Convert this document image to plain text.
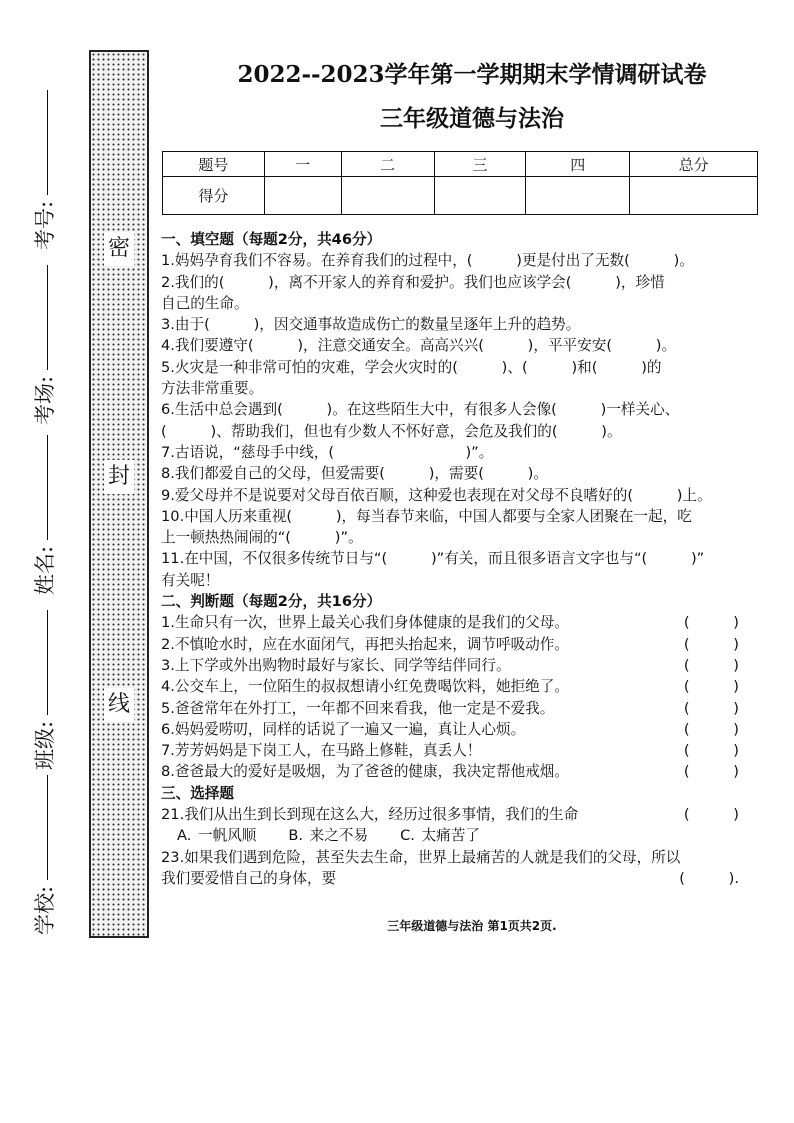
考号:
考场:
姓名:
班级:
学校:
密
封
线
2022--2023学年第一学期期末学情调研试卷
三年级道德与法治
题号	一	二	三	四	总分
得分					

一、填空题（每题2分，共46分）

1.妈妈孕育我们不容易。在养育我们的过程中，(　　　)更是付出了无数(　　　)。

2.我们的(　　　)，离不开家人的养育和爱护。我们也应该学会(　　　)，珍惜

自己的生命。

3.由于(　　　)，因交通事故造成伤亡的数量呈逐年上升的趋势。

4.我们要遵守(　　　)，注意交通安全。高高兴兴(　　　)，平平安安(　　　)。

5.火灾是一种非常可怕的灾难，学会火灾时的(　　　)、(　　　)和(　　　)的

方法非常重要。

6.生活中总会遇到(　　　)。在这些陌生大中，有很多人会像(　　　)一样关心、

(　　　)、帮助我们，但也有少数人不怀好意，会危及我们的(　　　)。

7.古语说，“慈母手中线，(　　　　　　　　　)”。

8.我们都爱自己的父母，但爱需要(　　　)，需要(　　　)。

9.爱父母并不是说要对父母百依百顺，这种爱也表现在对父母不良嗜好的(　　　)上。

10.中国人历来重视(　　　)，每当春节来临，中国人都要与全家人团聚在一起，吃

上一顿热热闹闹的“(　　　)”。

11.在中国，不仅很多传统节日与“(　　　)”有关，而且很多语言文字也与“(　　　)”

有关呢！

二、判断题（每题2分，共16分）

1.生命只有一次，世界上最关心我们身体健康的是我们的父母。	(　　　)
2.不慎呛水时，应在水面闭气，再把头抬起来，调节呼吸动作。	(　　　)
3.上下学或外出购物时最好与家长、同学等结伴同行。	(　　　)
4.公交车上，一位陌生的叔叔想请小红免费喝饮料，她拒绝了。	(　　　)
5.爸爸常年在外打工，一年都不回来看我，他一定是不爱我。	(　　　)
6.妈妈爱唠叨，同样的话说了一遍又一遍，真让人心烦。	(　　　)
7.芳芳妈妈是下岗工人，在马路上修鞋，真丢人！	(　　　)
8.爸爸最大的爱好是吸烟，为了爸爸的健康，我决定帮他戒烟。	(　　　)

三、选择题

21.我们从出生到长到现在这么大，经历过很多事情，我们的生命	(　　　)

A. 一帆风顺 B. 来之不易 C. 太痛苦了

23.如果我们遇到危险，甚至失去生命，世界上最痛苦的人就是我们的父母，所以

我们要爱惜自己的身体，要	(　　　).
三年级道德与法治 第1页共2页.
